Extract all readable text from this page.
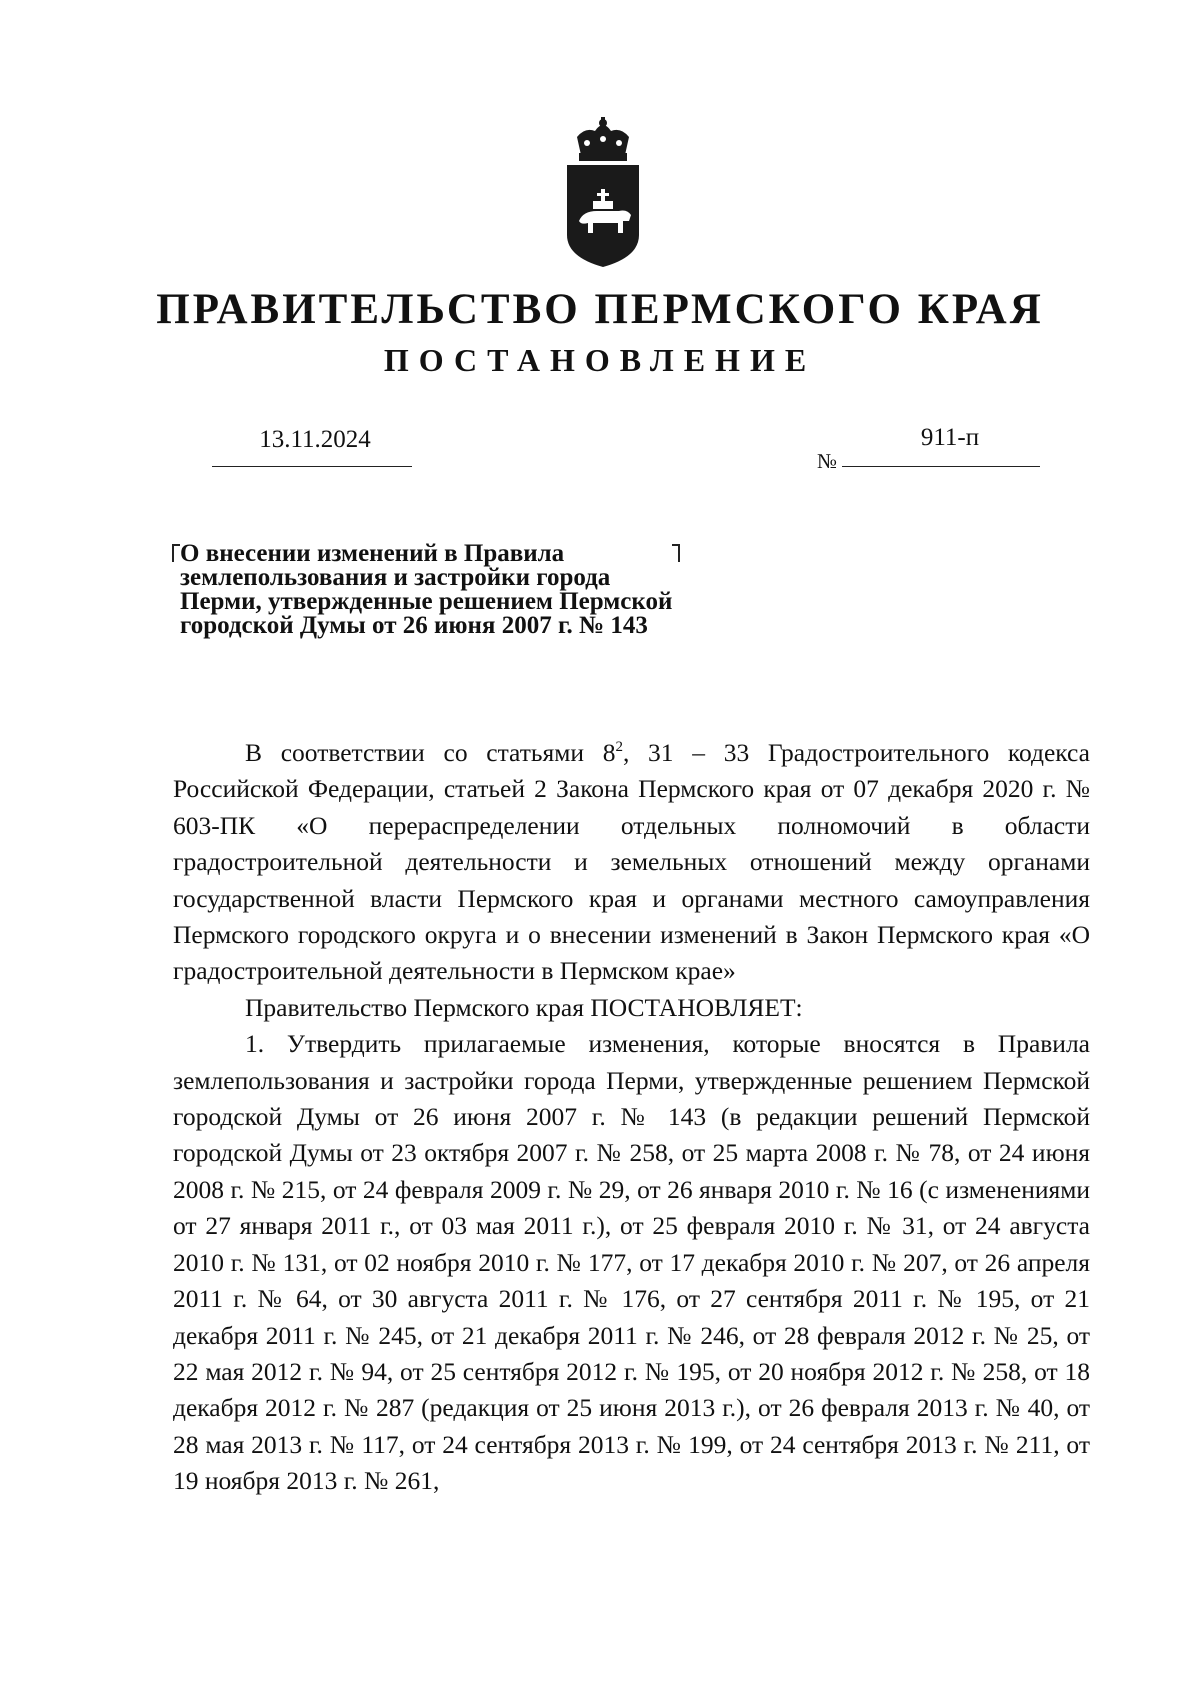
ПРАВИТЕЛЬСТВО ПЕРМСКОГО КРАЯ
ПОСТАНОВЛЕНИЕ
13.11.2024
№
911-п
О внесении изменений в Правила
землепользования и застройки города
Перми, утвержденные решением Пермской
городской Думы от 26 июня 2007 г. № 143

В соответствии со статьями $8^2$, 31 – 33 Градостроительного кодекса Российской Федерации, статьей 2 Закона Пермского края от 07 декабря 2020 г. № 603-ПК «О перераспределении отдельных полномочий в области градостроительной деятельности и земельных отношений между органами государственной власти Пермского края и органами местного самоуправления Пермского городского округа и о внесении изменений в Закон Пермского края «О градостроительной деятельности в Пермском крае»

Правительство Пермского края ПОСТАНОВЛЯЕТ:

1. Утвердить прилагаемые изменения, которые вносятся в Правила землепользования и застройки города Перми, утвержденные решением Пермской городской Думы от 26 июня 2007 г. № 143 (в редакции решений Пермской городской Думы от 23 октября 2007 г. № 258, от 25 марта 2008 г. № 78, от 24 июня 2008 г. № 215, от 24 февраля 2009 г. № 29, от 26 января 2010 г. № 16 (с изменениями от 27 января 2011 г., от 03 мая 2011 г.), от 25 февраля 2010 г. № 31, от 24 августа 2010 г. № 131, от 02 ноября 2010 г. № 177, от 17 декабря 2010 г. № 207, от 26 апреля 2011 г. № 64, от 30 августа 2011 г. № 176, от 27 сентября 2011 г. № 195, от 21 декабря 2011 г. № 245, от 21 декабря 2011 г. № 246, от 28 февраля 2012 г. № 25, от 22 мая 2012 г. № 94, от 25 сентября 2012 г. № 195, от 20 ноября 2012 г. № 258, от 18 декабря 2012 г. № 287 (редакция от 25 июня 2013 г.), от 26 февраля 2013 г. № 40, от 28 мая 2013 г. № 117, от 24 сентября 2013 г. № 199, от 24 сентября 2013 г. № 211, от 19 ноября 2013 г. № 261,
